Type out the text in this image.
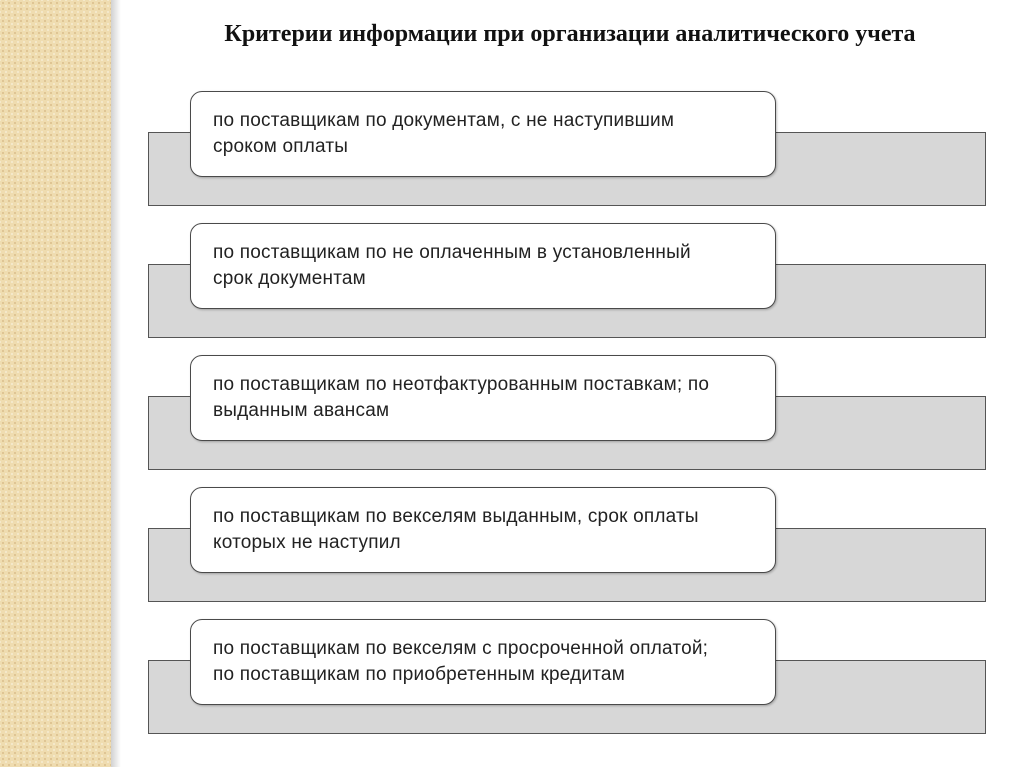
Критерии информации при организации аналитического учета
по поставщикам по документам, с не наступившим
сроком оплаты
по поставщикам по не оплаченным в установленный
срок документам
по поставщикам по неотфактурованным поставкам; по
выданным авансам
по поставщикам по векселям выданным, срок оплаты
которых не наступил
по поставщикам по векселям с просроченной оплатой;
по поставщикам по приобретенным кредитам
